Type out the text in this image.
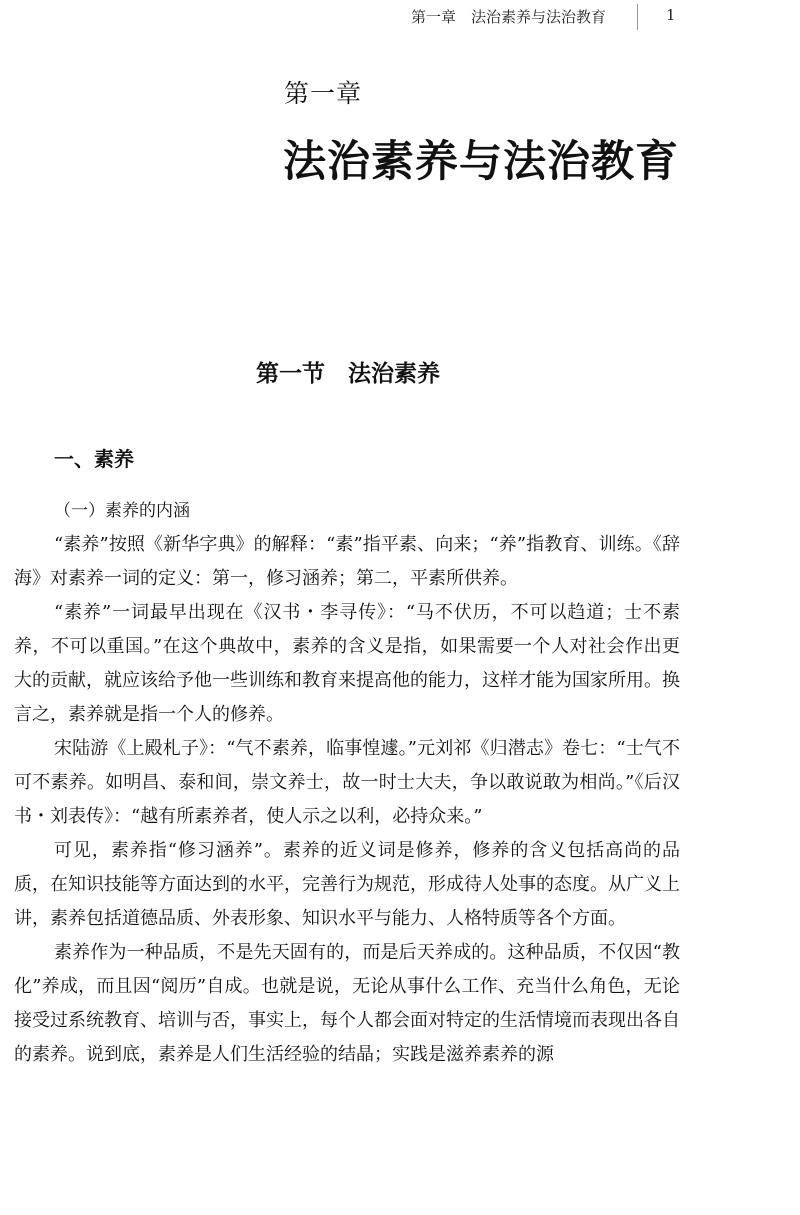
第一章　法治素养与法治教育	1
第一章
法治素养与法治教育
第一节　法治素养
一、素养
（一）素养的内涵

“素养”按照《新华字典》的解释：“素”指平素、向来；“养”指教育、训练。《辞海》对素养一词的定义：第一，修习涵养；第二，平素所供养。

“素养”一词最早出现在《汉书・李寻传》：“马不伏历，不可以趋道；士不素养，不可以重国。”在这个典故中，素养的含义是指，如果需要一个人对社会作出更大的贡献，就应该给予他一些训练和教育来提高他的能力，这样才能为国家所用。换言之，素养就是指一个人的修养。

宋陆游《上殿札子》：“气不素养，临事惶遽。”元刘祁《归潜志》卷七：“士气不可不素养。如明昌、泰和间，崇文养士，故一时士大夫，争以敢说敢为相尚。”《后汉书・刘表传》：“越有所素养者，使人示之以利，必持众来。”

可见，素养指“修习涵养”。素养的近义词是修养，修养的含义包括高尚的品质，在知识技能等方面达到的水平，完善行为规范，形成待人处事的态度。从广义上讲，素养包括道德品质、外表形象、知识水平与能力、人格特质等各个方面。

素养作为一种品质，不是先天固有的，而是后天养成的。这种品质，不仅因“教化”养成，而且因“阅历”自成。也就是说，无论从事什么工作、充当什么角色，无论接受过系统教育、培训与否，事实上，每个人都会面对特定的生活情境而表现出各自的素养。说到底，素养是人们生活经验的结晶；实践是滋养素养的源
